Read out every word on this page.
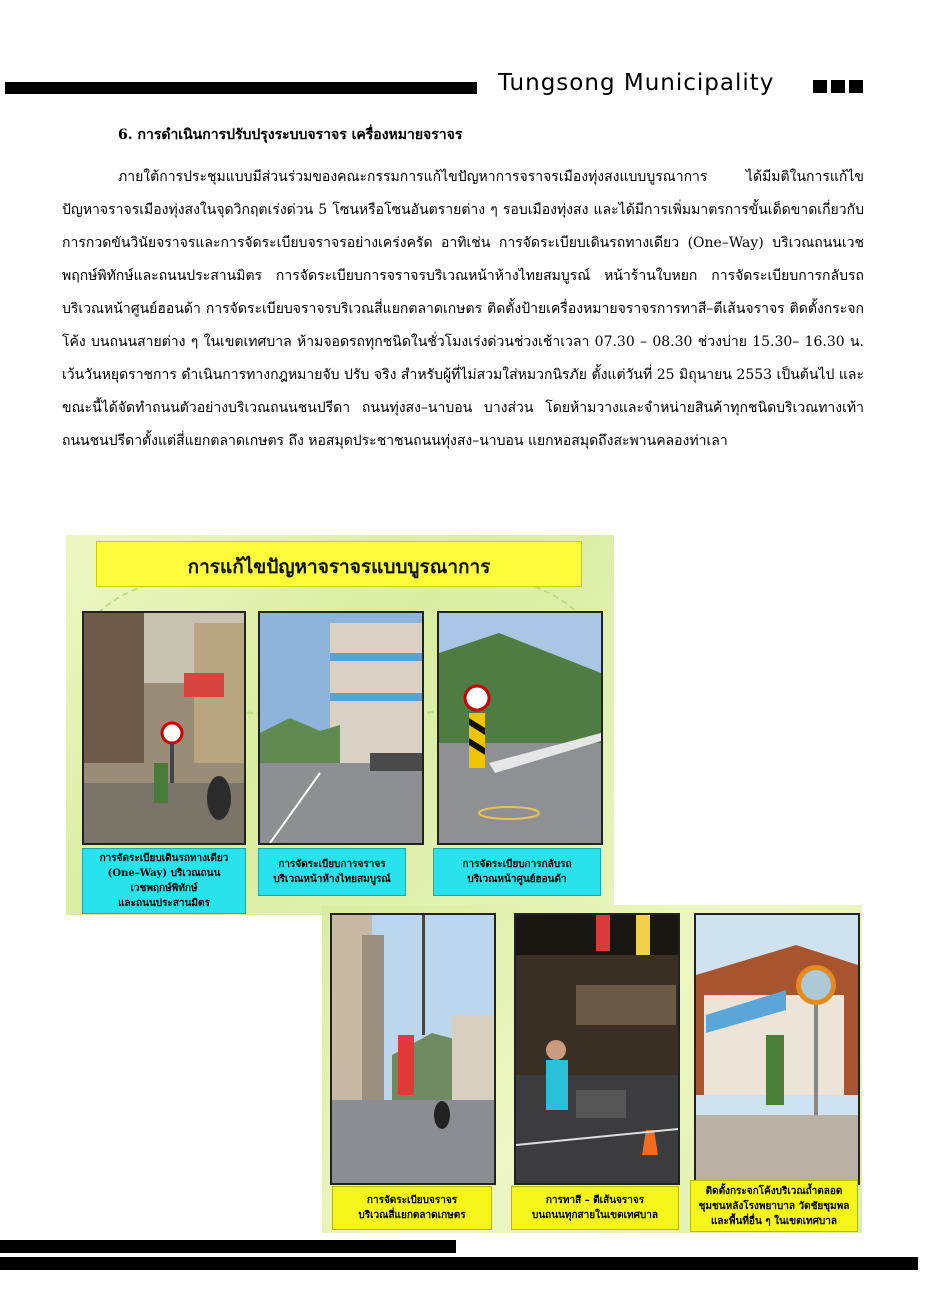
Tungsong Municipality
6. การดำเนินการปรับปรุงระบบจราจร เครื่องหมายจราจร
ภายใต้การประชุมแบบมีส่วนร่วมของคณะกรรมการแก้ไขปัญหาการจราจรเมืองทุ่งสงแบบบูรณาการ ได้มีมติในการแก้ไขปัญหาจราจรเมืองทุ่งสงในจุดวิกฤตเร่งด่วน 5 โซนหรือโซนอันตรายต่าง ๆ รอบเมืองทุ่งสง และได้มีการเพิ่มมาตรการขั้นเด็ดขาดเกี่ยวกับการกวดขันวินัยจราจรและการจัดระเบียบจราจรอย่างเคร่งครัด อาทิเช่น การจัดระเบียบเดินรถทางเดียว (One–Way) บริเวณถนนเวชพฤกษ์พิทักษ์และถนนประสานมิตร การจัดระเบียบการจราจรบริเวณหน้าห้างไทยสมบูรณ์ หน้าร้านใบหยก การจัดระเบียบการกลับรถบริเวณหน้าศูนย์ฮอนด้า การจัดระเบียบจราจรบริเวณสี่แยกตลาดเกษตร ติดตั้งป้ายเครื่องหมายจราจรการทาสี–ตีเส้นจราจร ติดตั้งกระจกโค้ง บนถนนสายต่าง ๆ ในเขตเทศบาล ห้ามจอดรถทุกชนิดในชั่วโมงเร่งด่วนช่วงเช้าเวลา 07.30 – 08.30 ช่วงบ่าย 15.30– 16.30 น. เว้นวันหยุดราชการ ดำเนินการทางกฎหมายจับ ปรับ จริง สำหรับผู้ที่ไม่สวมใส่หมวกนิรภัย ตั้งแต่วันที่ 25 มิถุนายน 2553 เป็นต้นไป และขณะนี้ได้จัดทำถนนตัวอย่างบริเวณถนนชนปรีดา ถนนทุ่งสง–นาบอน บางส่วน โดยห้ามวางและจำหน่ายสินค้าทุกชนิดบริเวณทางเท้าถนนชนปรีดาตั้งแต่สี่แยกตลาดเกษตร ถึง หอสมุดประชาชนถนนทุ่งสง–นาบอน แยกหอสมุดถึงสะพานคลองท่าเลา
การแก้ไขปัญหาจราจรแบบบูรณาการ
การจัดระเบียบเดินรถทางเดียว
(One–Way) บริเวณถนน
เวชพฤกษ์พิทักษ์
และถนนประสานมิตร
การจัดระเบียบการจราจร
บริเวณหน้าห้างไทยสมบูรณ์
การจัดระเบียบการกลับรถ
บริเวณหน้าศูนย์ฮอนด้า
การจัดระเบียบจราจร
บริเวณสี่แยกตลาดเกษตร
การทาสี – ตีเส้นจราจร
บนถนนทุกสายในเขตเทศบาล
ติดตั้งกระจกโค้งบริเวณถ้ำตลอด
ชุมชนหลังโรงพยาบาล วัดชัยชุมพล
และพื้นที่อื่น ๆ ในเขตเทศบาล
